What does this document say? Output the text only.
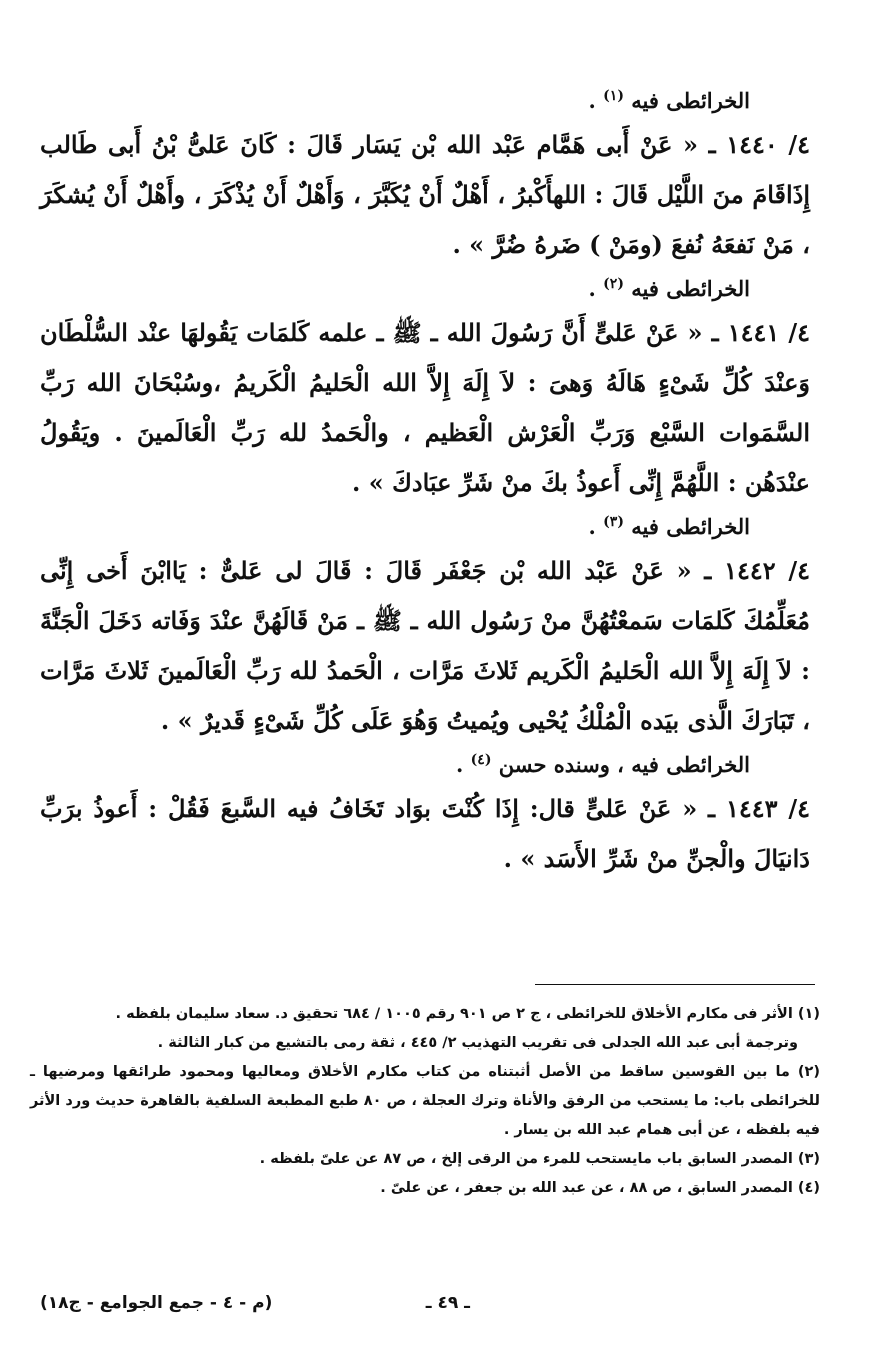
الخرائطى فيه $^{(١)}$ .

٤/ ١٤٤٠ ـ « عَنْ أَبى هَمَّام عَبْد الله بْن يَسَار قَالَ : كَانَ عَلىُّ بْنُ أَبى طَالب إِذَاقَامَ منَ اللَّيْل قَالَ : اللهأَكْبرُ ، أَهْلٌ أَنْ يُكَبَّرَ ، وَأَهْلٌ أَنْ يُذْكَرَ ، وأَهْلٌ أَنْ يُشكَرَ ، مَنْ نَفعَهُ نُفعَ (ومَنْ ) ضَرهُ ضُرَّ » .

الخرائطى فيه $^{(٢)}$ .

٤/ ١٤٤١ ـ « عَنْ عَلىٍّ أَنَّ رَسُولَ الله ـ ﷺ ـ علمه كَلمَات يَقُولهَا عنْد السُّلْطَان وَعنْدَ كُلِّ شَىْءٍ هَالَهُ وَهىَ : لاَ إِلَهَ إِلاَّ الله الْحَليمُ الْكَريمُ ،وسُبْحَانَ الله رَبِّ السَّمَوات السَّبْع وَرَبِّ الْعَرْش الْعَظيم ، والْحَمدُ لله رَبِّ الْعَالَمينَ . ويَقُولُ عنْدَهُن : اللَّهُمَّ إِنِّى أَعوذُ بكَ منْ شَرِّ عبَادكَ » .

الخرائطى فيه $^{(٣)}$ .

٤/ ١٤٤٢ ـ « عَنْ عَبْد الله بْن جَعْفَر قَالَ : قَالَ لى عَلىٌّ : يَاابْنَ أَخى إِنِّى مُعَلِّمُكَ كَلمَات سَمعْتُهُنَّ منْ رَسُول الله ـ ﷺ ـ مَنْ قَالَهُنَّ عنْدَ وَفَاته دَخَلَ الْجَنَّةَ : لاَ إِلَهَ إِلاَّ الله الْحَليمُ الْكَريم ثَلاثَ مَرَّات ، الْحَمدُ لله رَبِّ الْعَالَمينَ ثَلاثَ مَرَّات ، تَبَارَكَ الَّذى بيَده الْمُلْكُ يُحْيى ويُميتُ وَهُوَ عَلَى كُلِّ شَىْءٍ قَديرٌ » .

الخرائطى فيه ، وسنده حسن $^{(٤)}$ .

٤/ ١٤٤٣ ـ « عَنْ عَلىٍّ قال: إِذَا كُنْتَ بوَاد تَخَافُ فيه السَّبعَ فَقُلْ : أَعوذُ برَبِّ دَانيَالَ والْجنِّ منْ شَرِّ الأَسَد » .

(١) الأثر فى مكارم الأخلاق للخرائطى ، ج ٢ ص ٩٠١ رقم ١٠٠٥ / ٦٨٤ تحقيق د. سعاد سليمان بلفظه .

وترجمة أبى عبد الله الجدلى فى تقريب التهذيب ٢/ ٤٤٥ ، ثقة رمى بالتشيع من كبار الثالثة .

(٢) ما بين القوسين ساقط من الأصل أثبتناه من كتاب مكارم الأخلاق ومعاليها ومحمود طرائقها ومرضيها ـ للخرائطى باب: ما يستحب من الرفق والأناة وترك العجلة ، ص ٨٠ طبع المطبعة السلفية بالقاهرة حديث ورد الأثر فيه بلفظه ، عن أبى همام عبد الله بن يسار .

(٣) المصدر السابق باب مايستحب للمرء من الرقى إلخ ، ص ٨٧ عن علىّ بلفظه .

(٤) المصدر السابق ، ص ٨٨ ، عن عبد الله بن جعفر ، عن علىّ .

ـ ٤٩ ـ
(م - ٤ - جمع الجوامع - ج١٨)
